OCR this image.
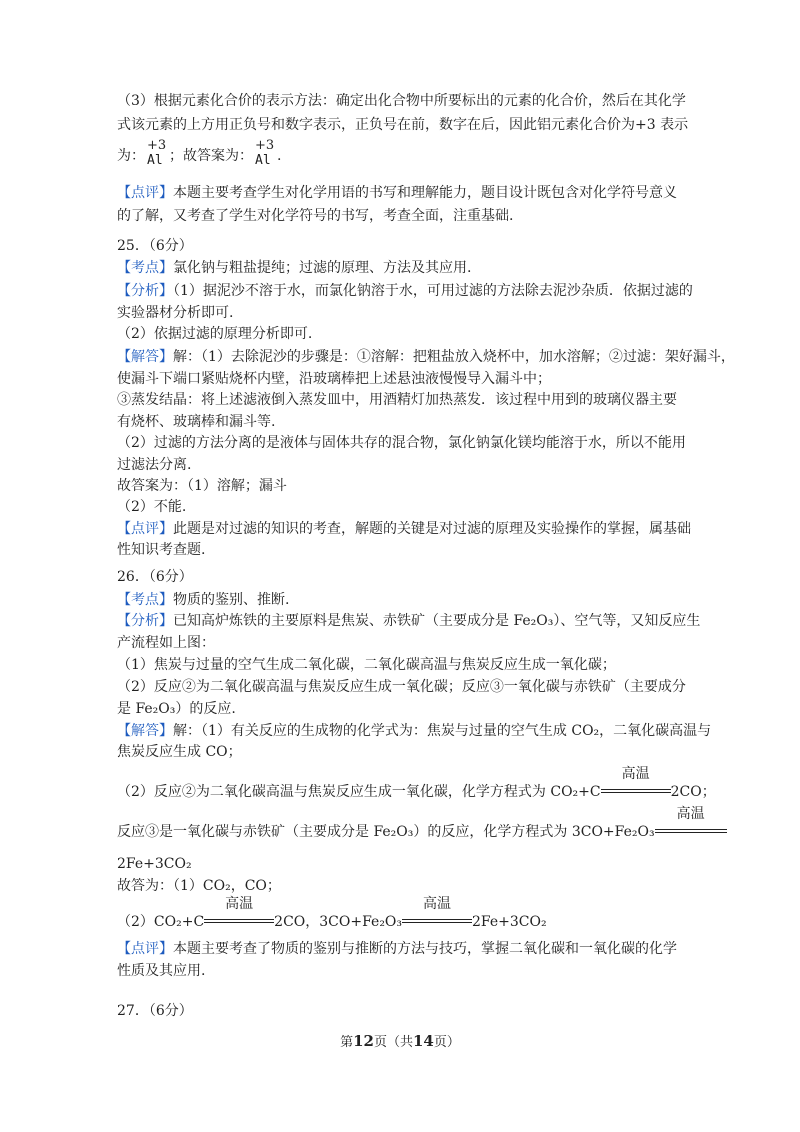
（3）根据元素化合价的表示方法：确定出化合物中所要标出的元素的化合价，然后在其化学
式该元素的上方用正负号和数字表示，正负号在前，数字在后，因此铝元素化合价为+3 表示
为：
+3
Al ；故答案为：
+3
Al .
【点评】本题主要考查学生对化学用语的书写和理解能力，题目设计既包含对化学符号意义
的了解，又考查了学生对化学符号的书写，考查全面，注重基础.
25．（6分）
【考点】氯化钠与粗盐提纯；过滤的原理、方法及其应用.
【分析】（1）据泥沙不溶于水，而氯化钠溶于水，可用过滤的方法除去泥沙杂质．依据过滤的
实验器材分析即可.
（2）依据过滤的原理分析即可.
【解答】解：（1）去除泥沙的步骤是：①溶解：把粗盐放入烧杯中，加水溶解；②过滤：架好漏斗，
使漏斗下端口紧贴烧杯内壁，沿玻璃棒把上述悬浊液慢慢导入漏斗中；
③蒸发结晶：将上述滤液倒入蒸发皿中，用酒精灯加热蒸发．该过程中用到的玻璃仪器主要
有烧杯、玻璃棒和漏斗等.
（2）过滤的方法分离的是液体与固体共存的混合物，氯化钠氯化镁均能溶于水，所以不能用
过滤法分离.
故答案为：（1）溶解；漏斗
（2）不能.
【点评】此题是对过滤的知识的考查，解题的关键是对过滤的原理及实验操作的掌握，属基础
性知识考查题.
26．（6分）
【考点】物质的鉴别、推断.
【分析】已知高炉炼铁的主要原料是焦炭、赤铁矿（主要成分是 Fe₂O₃）、空气等，又知反应生
产流程如上图：
（1）焦炭与过量的空气生成二氧化碳，二氧化碳高温与焦炭反应生成一氧化碳；
（2）反应②为二氧化碳高温与焦炭反应生成一氧化碳；反应③一氧化碳与赤铁矿（主要成分
是 Fe₂O₃）的反应.
【解答】解：（1）有关反应的生成物的化学式为：焦炭与过量的空气生成 CO₂，二氧化碳高温与
焦炭反应生成 CO；
（2）反应②为二氧化碳高温与焦炭反应生成一氧化碳，化学方程式为 CO₂+C
高温
2CO；
反应③是一氧化碳与赤铁矿（主要成分是 Fe₂O₃）的反应，化学方程式为 3CO+Fe₂O₃
高温
2Fe+3CO₂
故答为：（1）CO₂，CO；
（2）CO₂+C
高温
2CO，3CO+Fe₂O₃
高温
2Fe+3CO₂
【点评】本题主要考查了物质的鉴别与推断的方法与技巧，掌握二氧化碳和一氧化碳的化学
性质及其应用.
27．（6分）
第12页（共14页）
